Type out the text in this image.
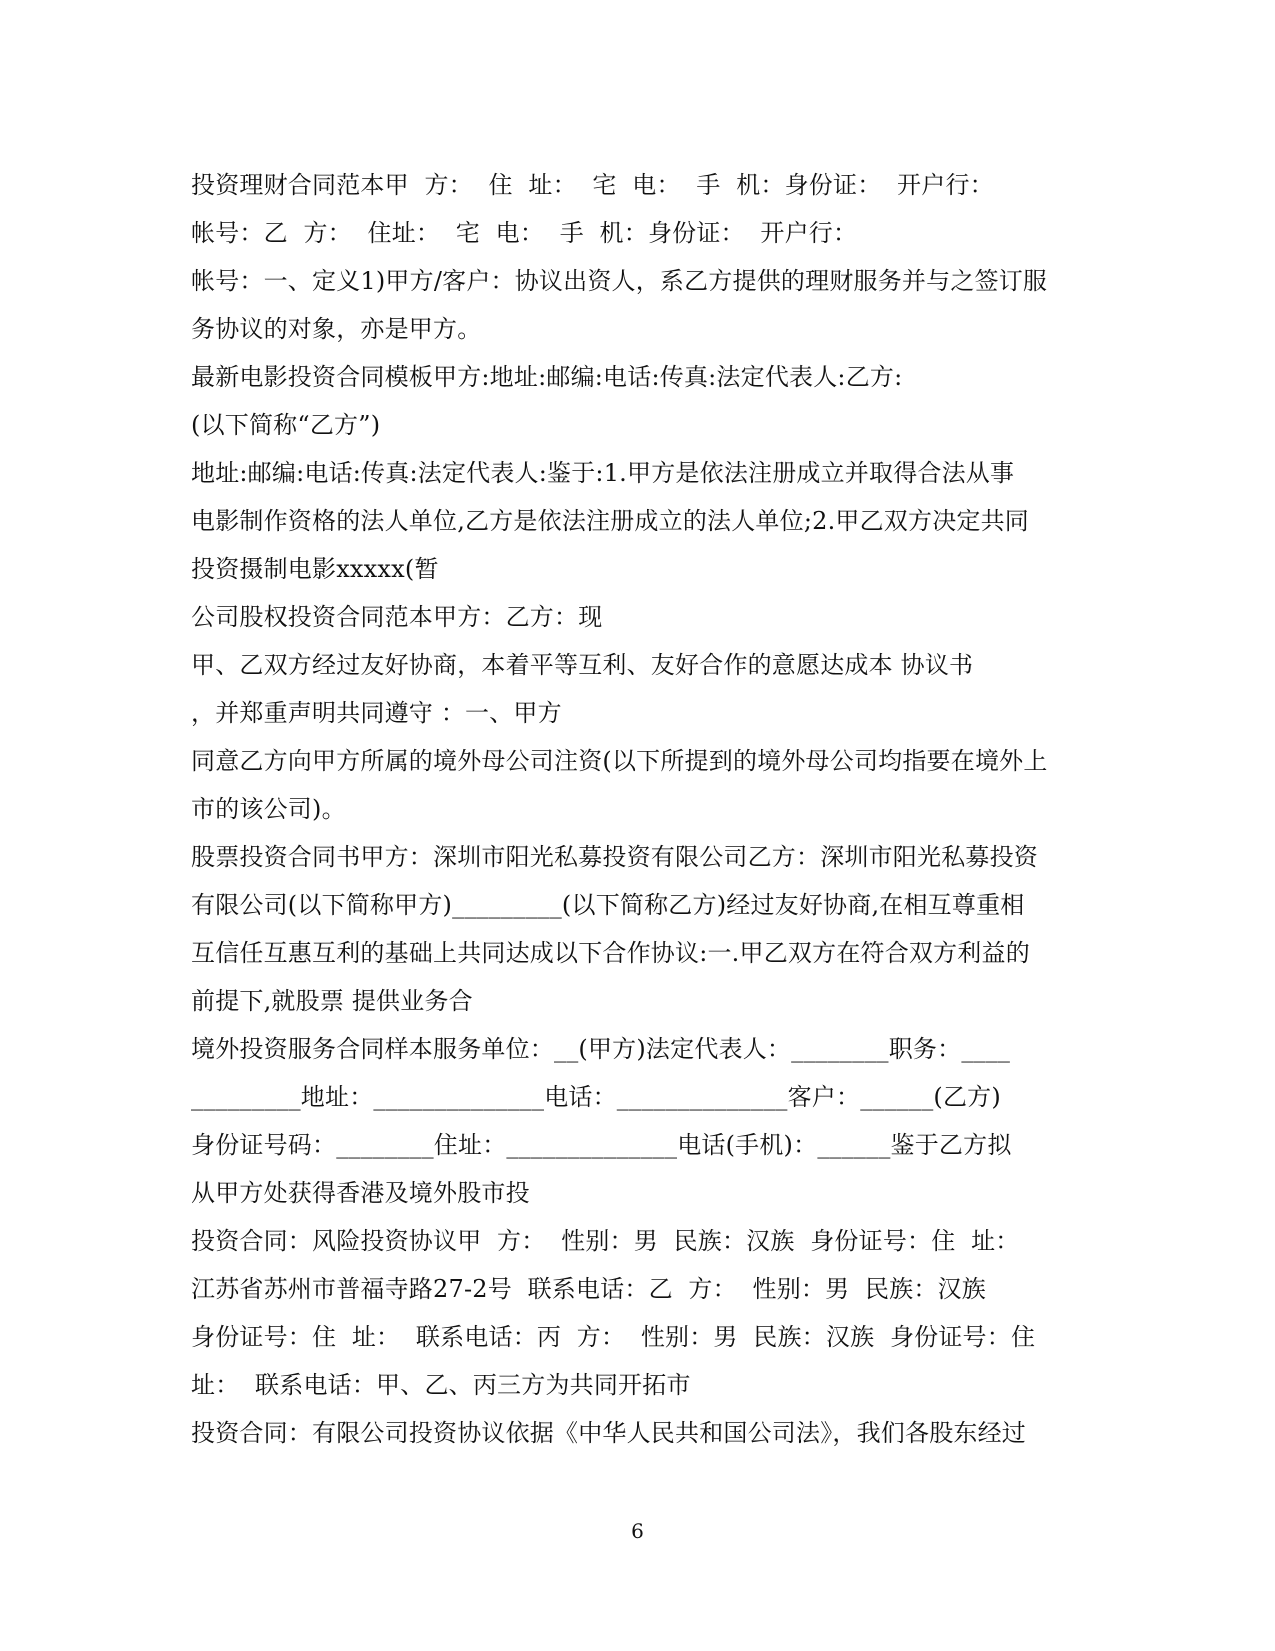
投资理财合同范本甲  方：  住  址：  宅  电：  手  机：身份证：  开户行：
帐号：乙  方：  住址：  宅  电：  手  机：身份证：  开户行：
帐号：一、定义1)甲方/客户：协议出资人，系乙方提供的理财服务并与之签订服
务协议的对象，亦是甲方。
最新电影投资合同模板甲方:地址:邮编:电话:传真:法定代表人:乙方:
(以下简称“乙方”)
地址:邮编:电话:传真:法定代表人:鉴于:1.甲方是依法注册成立并取得合法从事
电影制作资格的法人单位,乙方是依法注册成立的法人单位;2.甲乙双方决定共同
投资摄制电影xxxxx(暂
公司股权投资合同范本甲方：乙方：现
甲、乙双方经过友好协商，本着平等互利、友好合作的意愿达成本 协议书
，并郑重声明共同遵守 ：一、甲方
同意乙方向甲方所属的境外母公司注资(以下所提到的境外母公司均指要在境外上
市的该公司)。
股票投资合同书甲方：深圳市阳光私募投资有限公司乙方：深圳市阳光私募投资
有限公司(以下简称甲方)_________(以下简称乙方)经过友好协商,在相互尊重相
互信任互惠互利的基础上共同达成以下合作协议:一.甲乙双方在符合双方利益的
前提下,就股票 提供业务合
境外投资服务合同样本服务单位：__(甲方)法定代表人：________职务：____
_________地址：______________电话：______________客户：______(乙方)
身份证号码：________住址：______________电话(手机)：______鉴于乙方拟
从甲方处获得香港及境外股市投
投资合同：风险投资协议甲  方：  性别：男  民族：汉族  身份证号：住  址：
江苏省苏州市普福寺路27-2号  联系电话：乙  方：  性别：男  民族：汉族
身份证号：住  址：  联系电话：丙  方：  性别：男  民族：汉族  身份证号：住
址：  联系电话：甲、乙、丙三方为共同开拓市
投资合同：有限公司投资协议依据《中华人民共和国公司法》，我们各股东经过
6
